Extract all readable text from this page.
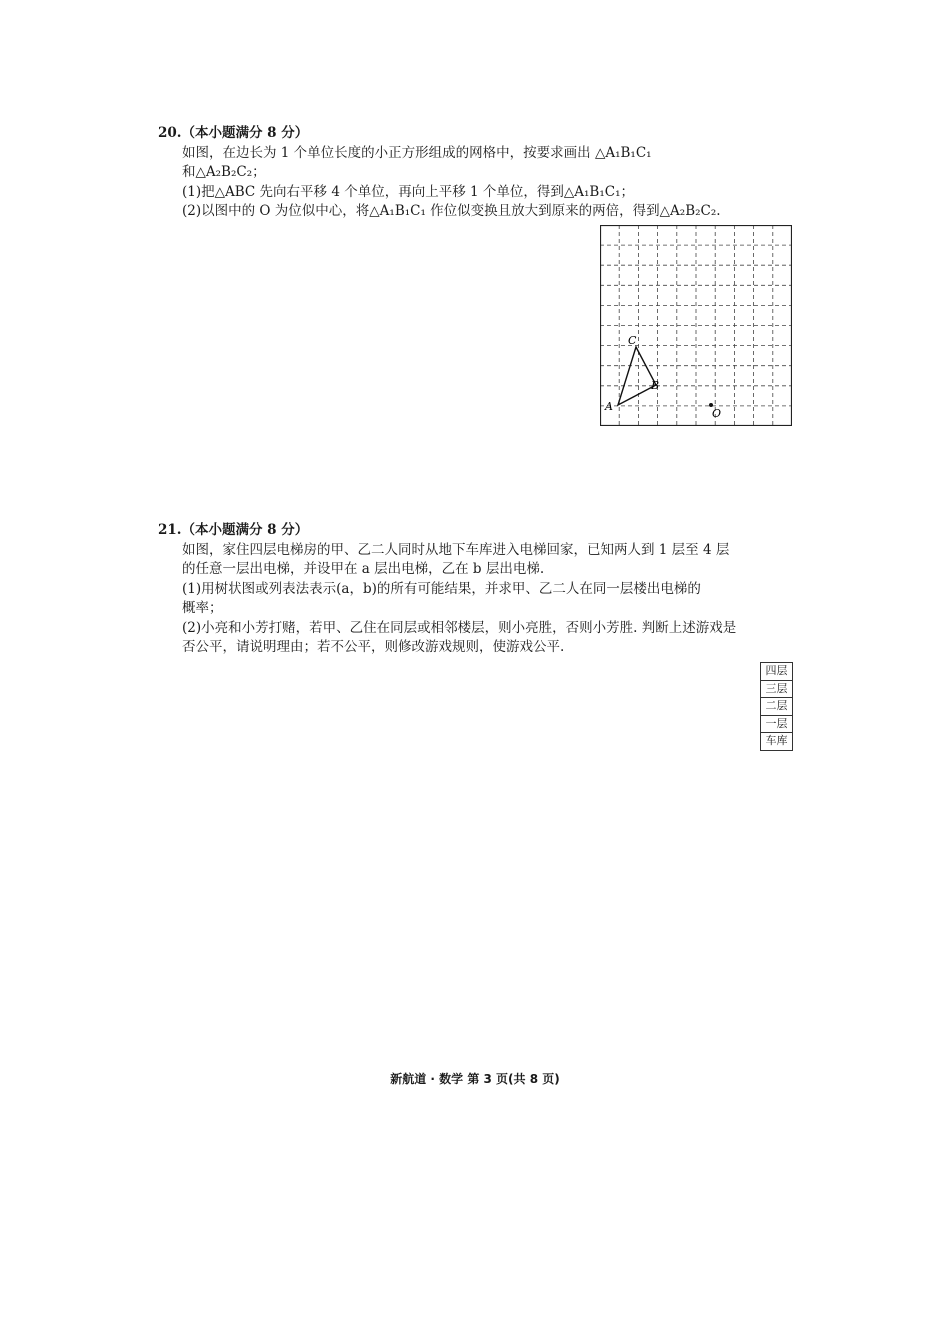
20.（本小题满分 8 分）

如图，在边长为 1 个单位长度的小正方形组成的网格中，按要求画出 △A₁B₁C₁

和△A₂B₂C₂；

(1)把△ABC 先向右平移 4 个单位，再向上平移 1 个单位，得到△A₁B₁C₁；

(2)以图中的 O 为位似中心，将△A₁B₁C₁ 作位似变换且放大到原来的两倍，得到△A₂B₂C₂.

A
C
B
O

21.（本小题满分 8 分）

如图，家住四层电梯房的甲、乙二人同时从地下车库进入电梯回家，已知两人到 1 层至 4 层

的任意一层出电梯，并设甲在 a 层出电梯，乙在 b 层出电梯.

(1)用树状图或列表法表示(a，b)的所有可能结果，并求甲、乙二人在同一层楼出电梯的

概率；

(2)小亮和小芳打赌，若甲、乙住在同层或相邻楼层，则小亮胜，否则小芳胜. 判断上述游戏是

否公平，请说明理由；若不公平，则修改游戏规则，使游戏公平.

四层
三层
二层
一层
车库
新航道 · 数学 第 3 页(共 8 页)
